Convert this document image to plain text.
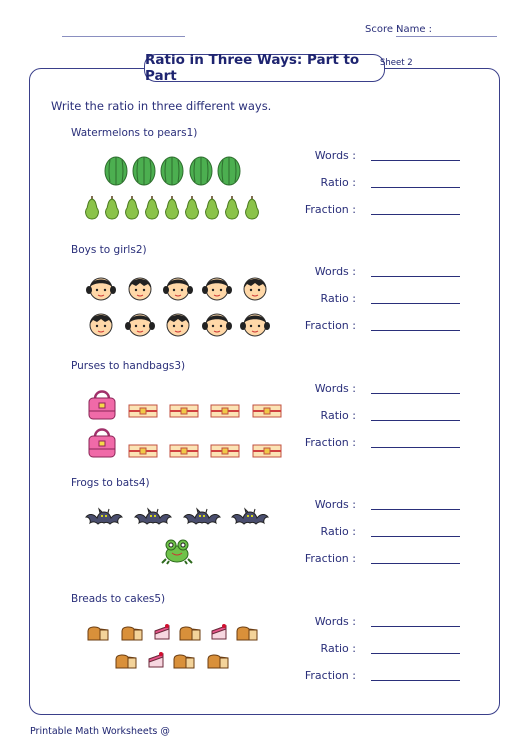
Score :
Name :
Ratio in Three Ways: Part to Part
Sheet 2
Write the ratio in three different ways.
Watermelons to pears1)
Boys to girls2)
Purses to handbags3)
Frogs to bats4)
Breads to cakes5)
Words :
Ratio :
Fraction :
Words :
Ratio :
Fraction :
Words :
Ratio :
Fraction :
Words :
Ratio :
Fraction :
Words :
Ratio :
Fraction :
Printable Math Worksheets @
